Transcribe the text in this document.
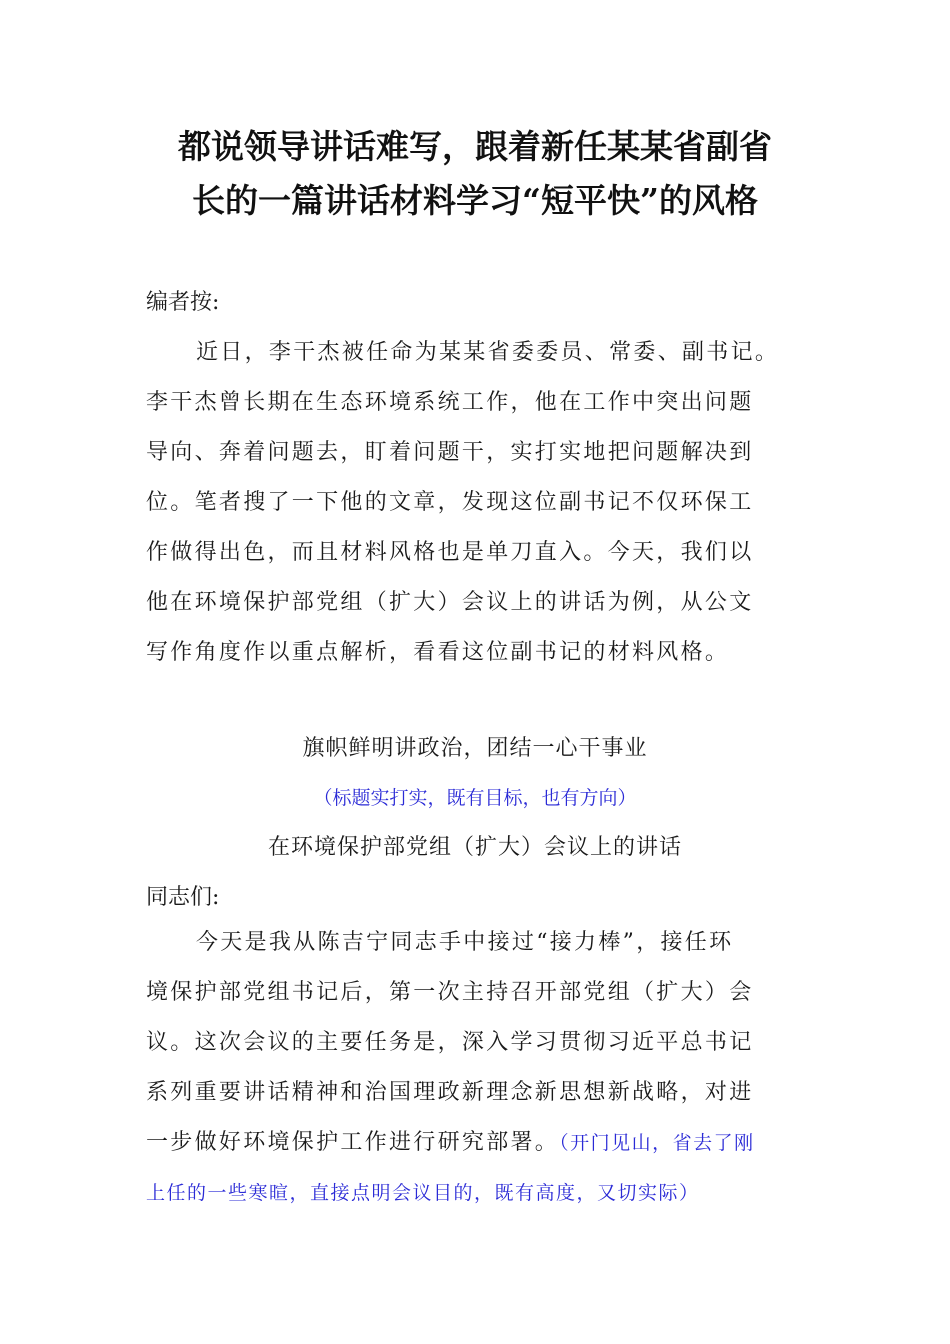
都说领导讲话难写，跟着新任某某省副省
长的一篇讲话材料学习“短平快”的风格
编者按:
近日，李干杰被任命为某某省委委员、常委、副书记。
李干杰曾长期在生态环境系统工作，他在工作中突出问题
导向、奔着问题去，盯着问题干，实打实地把问题解决到
位。笔者搜了一下他的文章，发现这位副书记不仅环保工
作做得出色，而且材料风格也是单刀直入。今天，我们以
他在环境保护部党组（扩大）会议上的讲话为例，从公文
写作角度作以重点解析，看看这位副书记的材料风格。
旗帜鲜明讲政治，团结一心干事业
（标题实打实，既有目标，也有方向）
在环境保护部党组（扩大）会议上的讲话
同志们:
今天是我从陈吉宁同志手中接过“接力棒”，接任环
境保护部党组书记后，第一次主持召开部党组（扩大）会
议。这次会议的主要任务是，深入学习贯彻习近平总书记
系列重要讲话精神和治国理政新理念新思想新战略，对进
一步做好环境保护工作进行研究部署。（开门见山，省去了刚
上任的一些寒暄，直接点明会议目的，既有高度，又切实际）
